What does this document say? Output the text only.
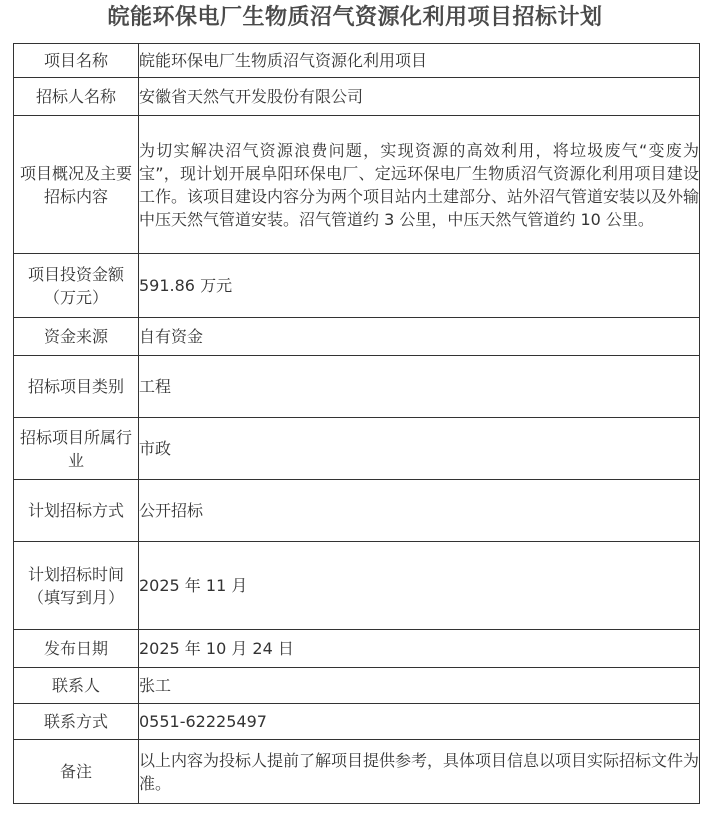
皖能环保电厂生物质沼气资源化利用项目招标计划
项目名称	皖能环保电厂生物质沼气资源化利用项目
招标人名称	安徽省天然气开发股份有限公司
项目概况及主要招标内容	为切实解决沼气资源浪费问题，实现资源的高效利用，将垃圾废气“变废为宝”，现计划开展阜阳环保电厂、定远环保电厂生物质沼气资源化利用项目建设工作。该项目建设内容分为两个项目站内土建部分、站外沼气管道安装以及外输中压天然气管道安装。沼气管道约 3 公里，中压天然气管道约 10 公里。
项目投资金额（万元）	591.86 万元
资金来源	自有资金
招标项目类别	工程
招标项目所属行业	市政
计划招标方式	公开招标
计划招标时间（填写到月）	2025 年 11 月
发布日期	2025 年 10 月 24 日
联系人	张工
联系方式	0551-62225497
备注	以上内容为投标人提前了解项目提供参考，具体项目信息以项目实际招标文件为准。
